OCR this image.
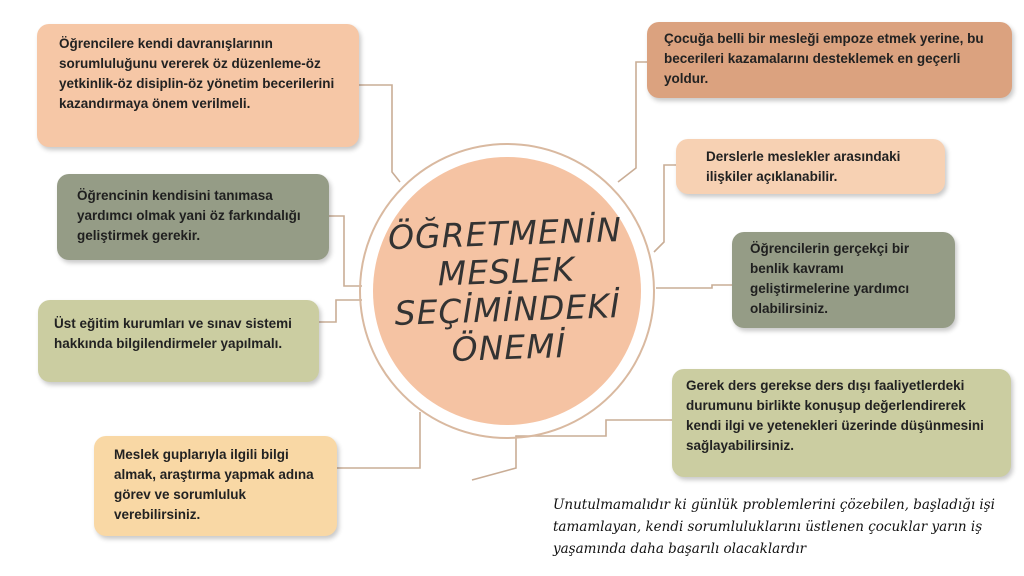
ÖĞRETMENİN
MESLEK
SEÇİMİNDEKİ
ÖNEMİ
Öğrencilere kendi davranışlarının sorumluluğunu vererek öz düzenleme-öz yetkinlik-öz disiplin-öz yönetim becerilerini kazandırmaya önem verilmeli.
Öğrencinin kendisini tanımasa yardımcı olmak yani öz farkındalığı geliştirmek gerekir.
Üst eğitim kurumları ve sınav sistemi hakkında bilgilendirmeler yapılmalı.
Meslek guplarıyla ilgili bilgi almak, araştırma yapmak adına görev ve sorumluluk verebilirsiniz.
Çocuğa belli bir mesleği empoze etmek yerine, bu becerileri kazamalarını desteklemek en geçerli yoldur.
Derslerle meslekler arasındaki ilişkiler açıklanabilir.
Öğrencilerin gerçekçi bir benlik kavramı geliştirmelerine yardımcı olabilirsiniz.
Gerek ders gerekse ders dışı faaliyetlerdeki durumunu birlikte konuşup değerlendirerek kendi ilgi ve yetenekleri üzerinde düşünmesini sağlayabilirsiniz.
Unutulmamalıdır ki günlük problemlerini çözebilen, başladığı işi tamamlayan, kendi sorumluluklarını üstlenen çocuklar yarın iş yaşamında daha başarılı olacaklardır
